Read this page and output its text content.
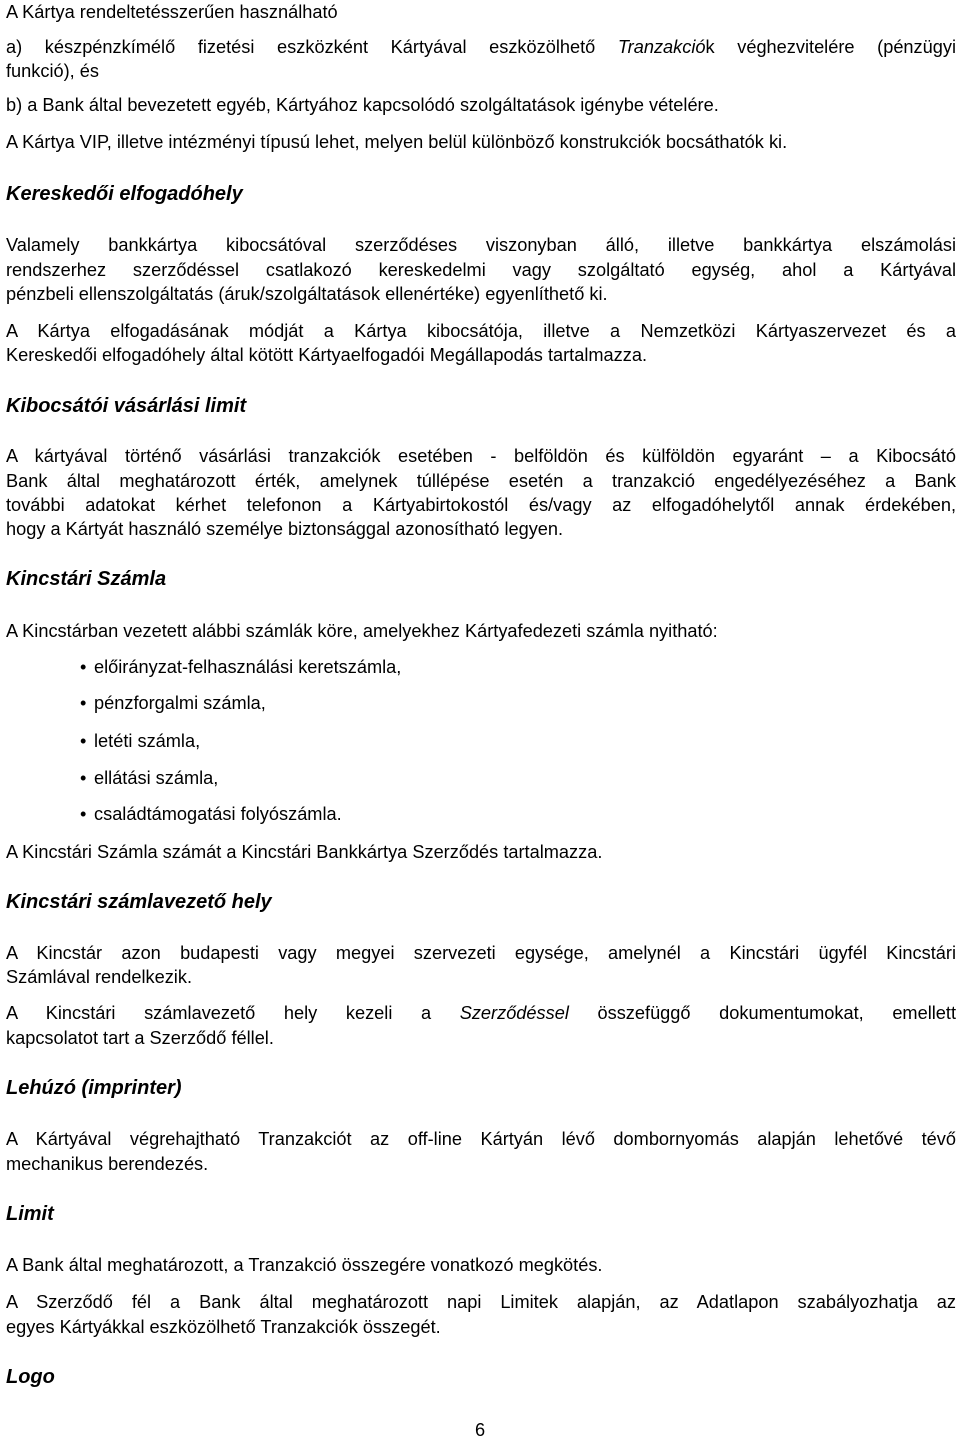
A Kártya rendeltetésszerűen használható

a) készpénzkímélő fizetési eszközként Kártyával eszközölhető Tranzakciók véghezvitelére (pénzügyi

funkció), és

b) a Bank által bevezetett egyéb, Kártyához kapcsolódó szolgáltatások igénybe vételére.

A Kártya VIP, illetve intézményi típusú lehet, melyen belül különböző konstrukciók bocsáthatók ki.

Kereskedői elfogadóhely

Valamely bankkártya kibocsátóval szerződéses viszonyban álló, illetve bankkártya elszámolási

rendszerhez szerződéssel csatlakozó kereskedelmi vagy szolgáltató egység, ahol a Kártyával

pénzbeli ellenszolgáltatás (áruk/szolgáltatások ellenértéke) egyenlíthető ki.

A Kártya elfogadásának módját a Kártya kibocsátója, illetve a Nemzetközi Kártyaszervezet és a

Kereskedői elfogadóhely által kötött Kártyaelfogadói Megállapodás tartalmazza.

Kibocsátói vásárlási limit

A kártyával történő vásárlási tranzakciók esetében - belföldön és külföldön egyaránt – a Kibocsátó

Bank által meghatározott érték, amelynek túllépése esetén a tranzakció engedélyezéséhez a Bank

további adatokat kérhet telefonon a Kártyabirtokostól és/vagy az elfogadóhelytől annak érdekében,

hogy a Kártyát használó személye biztonsággal azonosítható legyen.

Kincstári Számla

A Kincstárban vezetett alábbi számlák köre, amelyekhez Kártyafedezeti számla nyitható:

• előirányzat-felhasználási keretszámla,
• pénzforgalmi számla,
• letéti számla,
• ellátási számla,
• családtámogatási folyószámla.

A Kincstári Számla számát a Kincstári Bankkártya Szerződés tartalmazza.

Kincstári számlavezető hely

A Kincstár azon budapesti vagy megyei szervezeti egysége, amelynél a Kincstári ügyfél Kincstári

Számlával rendelkezik.

A Kincstári számlavezető hely kezeli a Szerződéssel összefüggő dokumentumokat, emellett

kapcsolatot tart a Szerződő féllel.

Lehúzó (imprinter)

A Kártyával végrehajtható Tranzakciót az off-line Kártyán lévő dombornyomás alapján lehetővé tévő

mechanikus berendezés.

Limit

A Bank által meghatározott, a Tranzakció összegére vonatkozó megkötés.

A Szerződő fél a Bank által meghatározott napi Limitek alapján, az Adatlapon szabályozhatja az

egyes Kártyákkal eszközölhető Tranzakciók összegét.

Logo
6
